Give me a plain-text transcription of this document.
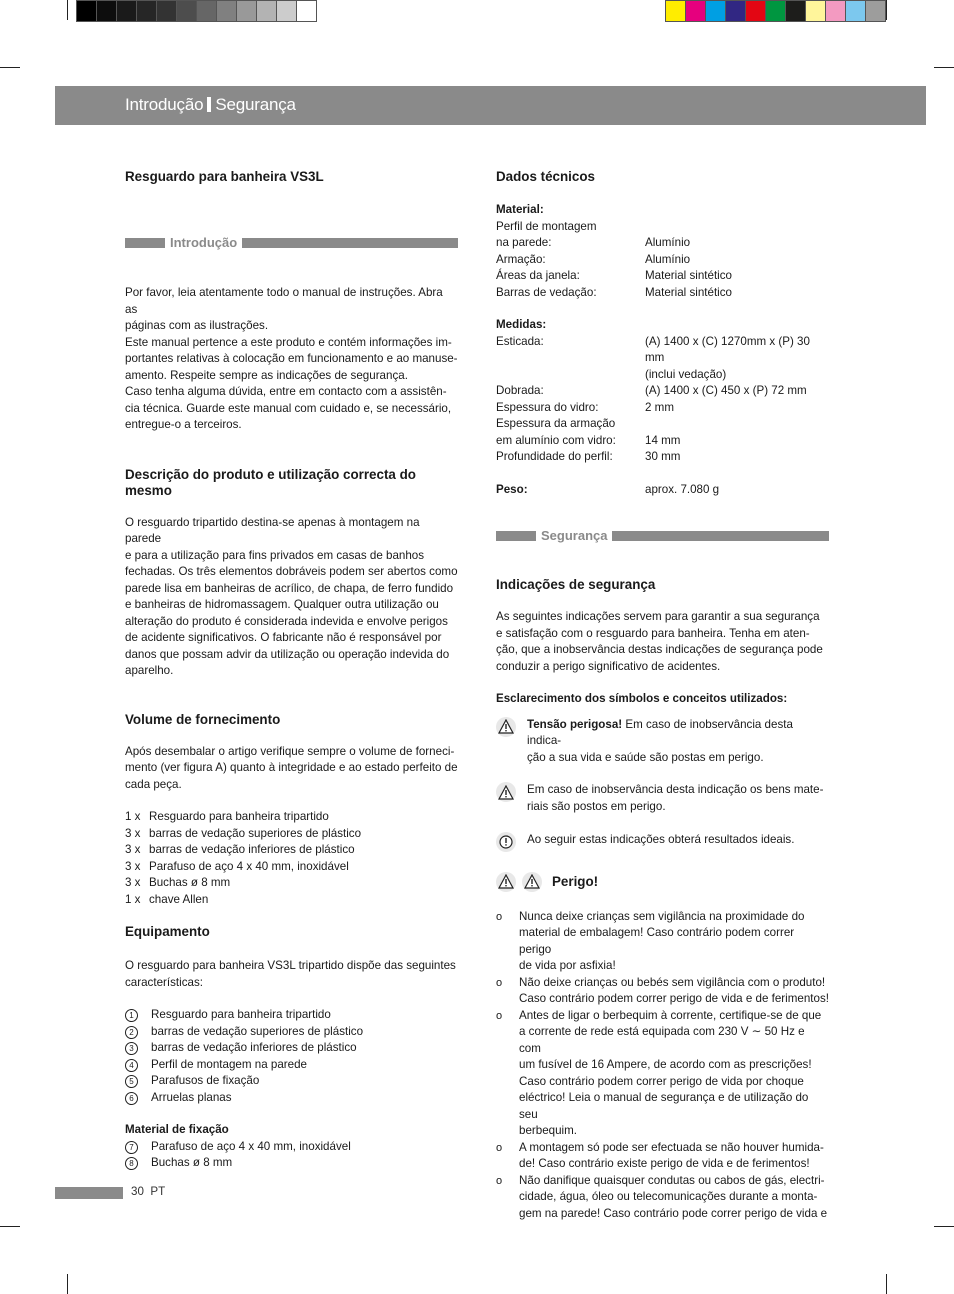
Introdução Segurança

Resguardo para banheira VS3L

Introdução
Por favor, leia atentamente todo o manual de instruções. Abra as
páginas com as ilustrações.
Este manual pertence a este produto e contém informações im-
portantes relativas à colocação em funcionamento e ao manuse-
amento. Respeite sempre as indicações de segurança.
Caso tenha alguma dúvida, entre em contacto com a assistên-
cia técnica. Guarde este manual com cuidado e, se necessário,
entregue-o a terceiros.

Descrição do produto e utilização correcta do mesmo

O resguardo tripartido destina-se apenas à montagem na parede
e para a utilização para fins privados em casas de banhos
fechadas. Os três elementos dobráveis podem ser abertos como
parede lisa em banheiras de acrílico, de chapa, de ferro fundido
e banheiras de hidromassagem. Qualquer outra utilização ou
alteração do produto é considerada indevida e envolve perigos
de acidente significativos. O fabricante não é responsável por
danos que possam advir da utilização ou operação indevida do
aparelho.

Volume de fornecimento

Após desembalar o artigo verifique sempre o volume de forneci-
mento (ver figura A) quanto à integridade e ao estado perfeito de
cada peça.
1 x Resguardo para banheira tripartido
3 x barras de vedação superiores de plástico
3 x barras de vedação inferiores de plástico
3 x Parafuso de aço 4 x 40 mm, inoxidável
3 x Buchas ø 8 mm
1 x chave Allen

Equipamento

O resguardo para banheira VS3L tripartido dispõe das seguintes
características:
1	Resguardo para banheira tripartido
2	barras de vedação superiores de plástico
3	barras de vedação inferiores de plástico
4	Perfil de montagem na parede
5	Parafusos de fixação
6	Arruelas planas

Material de fixação

7	Parafuso de aço 4 x 40 mm, inoxidável
8	Buchas ø 8 mm

Dados técnicos

Material:

Perfil de montagem
na parede:	Alumínio
Armação:	Alumínio
Áreas da janela:	Material sintético
Barras de vedação:	Material sintético

Medidas:

Esticada:	(A) 1400 x (C) 1270mm x (P) 30 mm
(inclui vedação)
Dobrada:	(A) 1400 x (C) 450 x (P) 72 mm
Espessura do vidro:	2 mm
Espessura da armação
em alumínio com vidro:	14 mm
Profundidade do perfil:	30 mm
Peso:	aprox. 7.080 g
Segurança

Indicações de segurança

As seguintes indicações servem para garantir a sua segurança
e satisfação com o resguardo para banheira. Tenha em aten-
ção, que a inobservância destas indicações de segurança pode
conduzir a perigo significativo de acidentes.

Esclarecimento dos símbolos e conceitos utilizados:

Tensão perigosa! Em caso de inobservância desta indica-
ção a sua vida e saúde são postas em perigo.
Em caso de inobservância desta indicação os bens mate-
riais são postos em perigo.
Ao seguir estas indicações obterá resultados ideais.
Perigo!
o	Nunca deixe crianças sem vigilância na proximidade do
material de embalagem! Caso contrário podem correr perigo
de vida por asfixia!
o	Não deixe crianças ou bebés sem vigilância com o produto!
Caso contrário podem correr perigo de vida e de ferimentos!
o	Antes de ligar o berbequim à corrente, certifique-se de que
a corrente de rede está equipada com 230 V ∼ 50 Hz e com
um fusível de 16 Ampere, de acordo com as prescrições!
Caso contrário podem correr perigo de vida por choque
eléctrico! Leia o manual de segurança e de utilização do seu
berbequim.
o	A montagem só pode ser efectuada se não houver humida-
de! Caso contrário existe perigo de vida e de ferimentos!
o	Não danifique quaisquer condutas ou cabos de gás, electri-
cidade, água, óleo ou telecomunicações durante a monta-
gem na parede! Caso contrário pode correr perigo de vida e
30 PT
